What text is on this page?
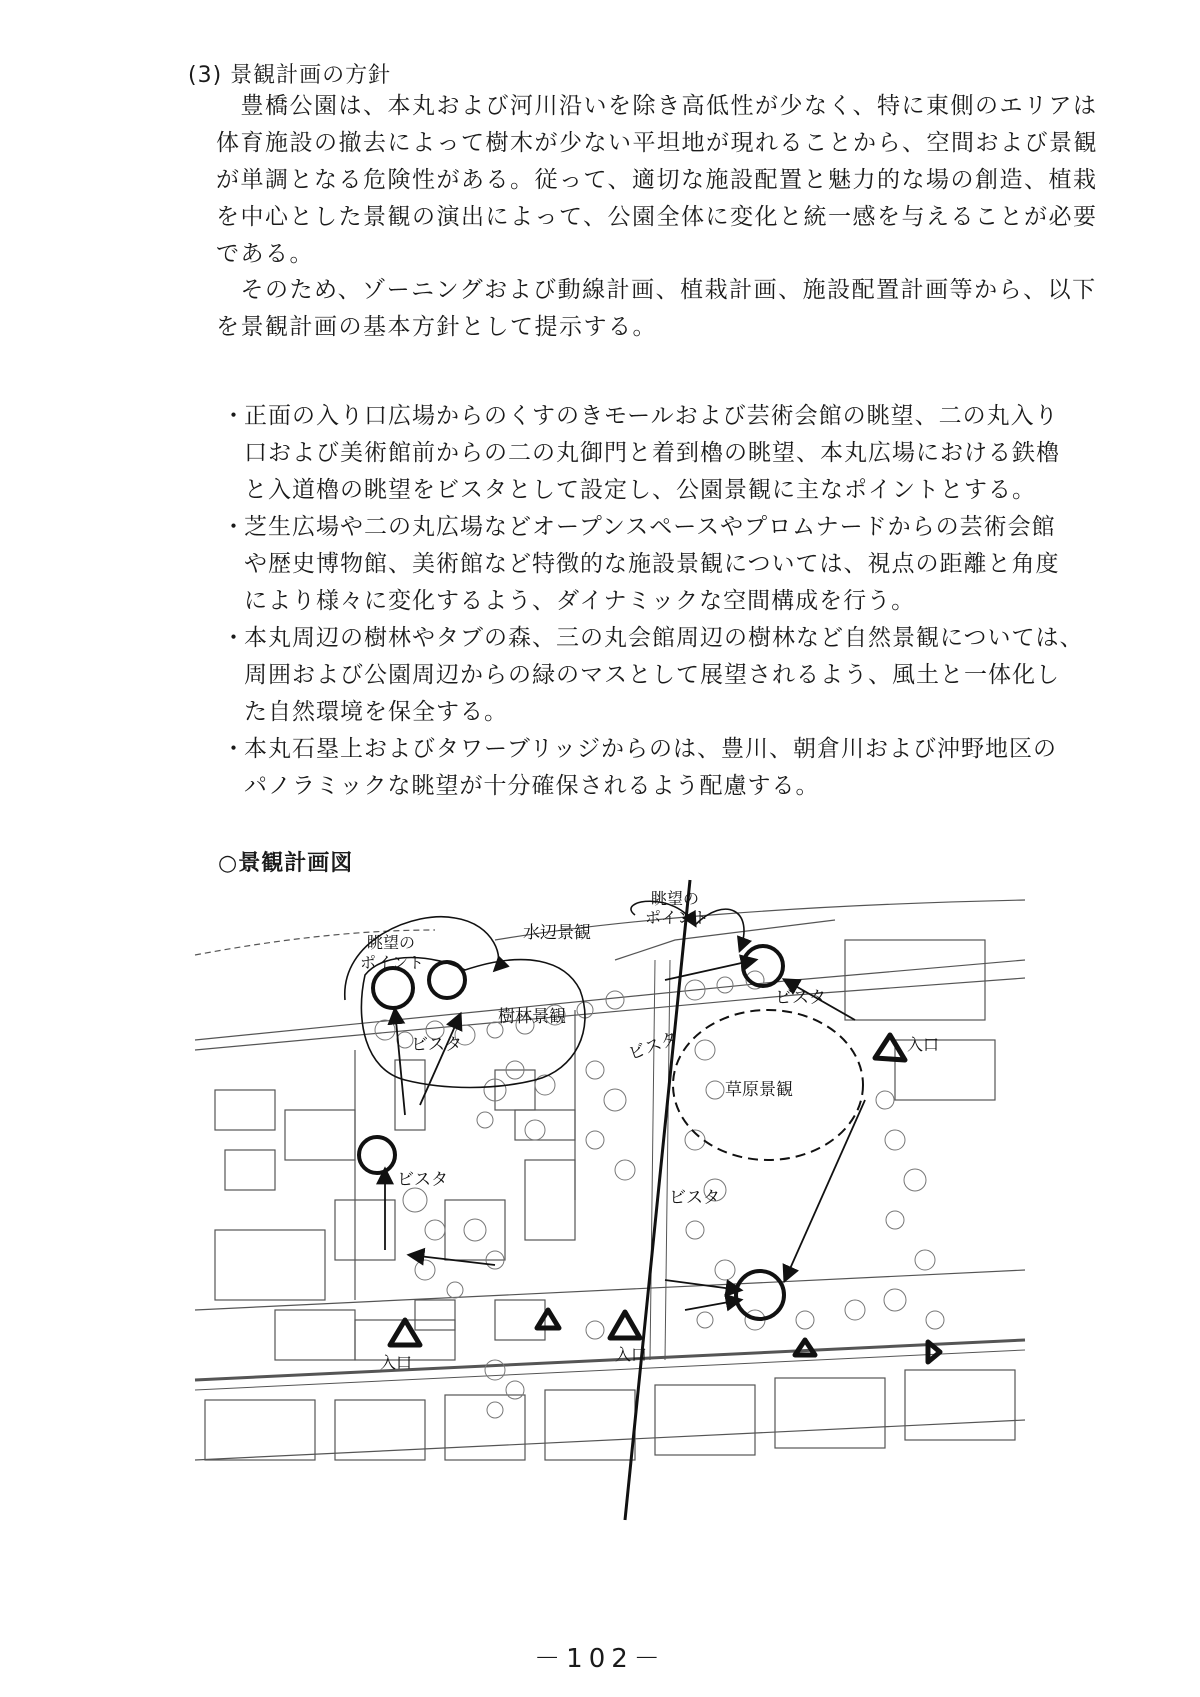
(3) 景観計画の方針
　豊橋公園は、本丸および河川沿いを除き高低性が少なく、特に東側のエリアは
体育施設の撤去によって樹木が少ない平坦地が現れることから、空間および景観
が単調となる危険性がある。従って、適切な施設配置と魅力的な場の創造、植栽
を中心とした景観の演出によって、公園全体に変化と統一感を与えることが必要
である。
　そのため、ゾーニングおよび動線計画、植栽計画、施設配置計画等から、以下
を景観計画の基本方針として提示する。
・
正面の入り口広場からのくすのきモールおよび芸術会館の眺望、二の丸入り
口および美術館前からの二の丸御門と着到櫓の眺望、本丸広場における鉄櫓
と入道櫓の眺望をビスタとして設定し、公園景観に主なポイントとする。
・
芝生広場や二の丸広場などオープンスペースやプロムナードからの芸術会館
や歴史博物館、美術館など特徴的な施設景観については、視点の距離と角度
により様々に変化するよう、ダイナミックな空間構成を行う。
・
本丸周辺の樹林やタブの森、三の丸会館周辺の樹林など自然景観については、
周囲および公園周辺からの緑のマスとして展望されるよう、風土と一体化し
た自然環境を保全する。
・
本丸石塁上およびタワーブリッジからのは、豊川、朝倉川および沖野地区の
パノラミックな眺望が十分確保されるよう配慮する。
○景観計画図
眺望の
ポイント
眺望の
ポイント
水辺景観
樹林景観
草原景観
ビスタ	ビスタ
ビスタ
ビスタ
ビスタ
入口	入口
入口
－102－
